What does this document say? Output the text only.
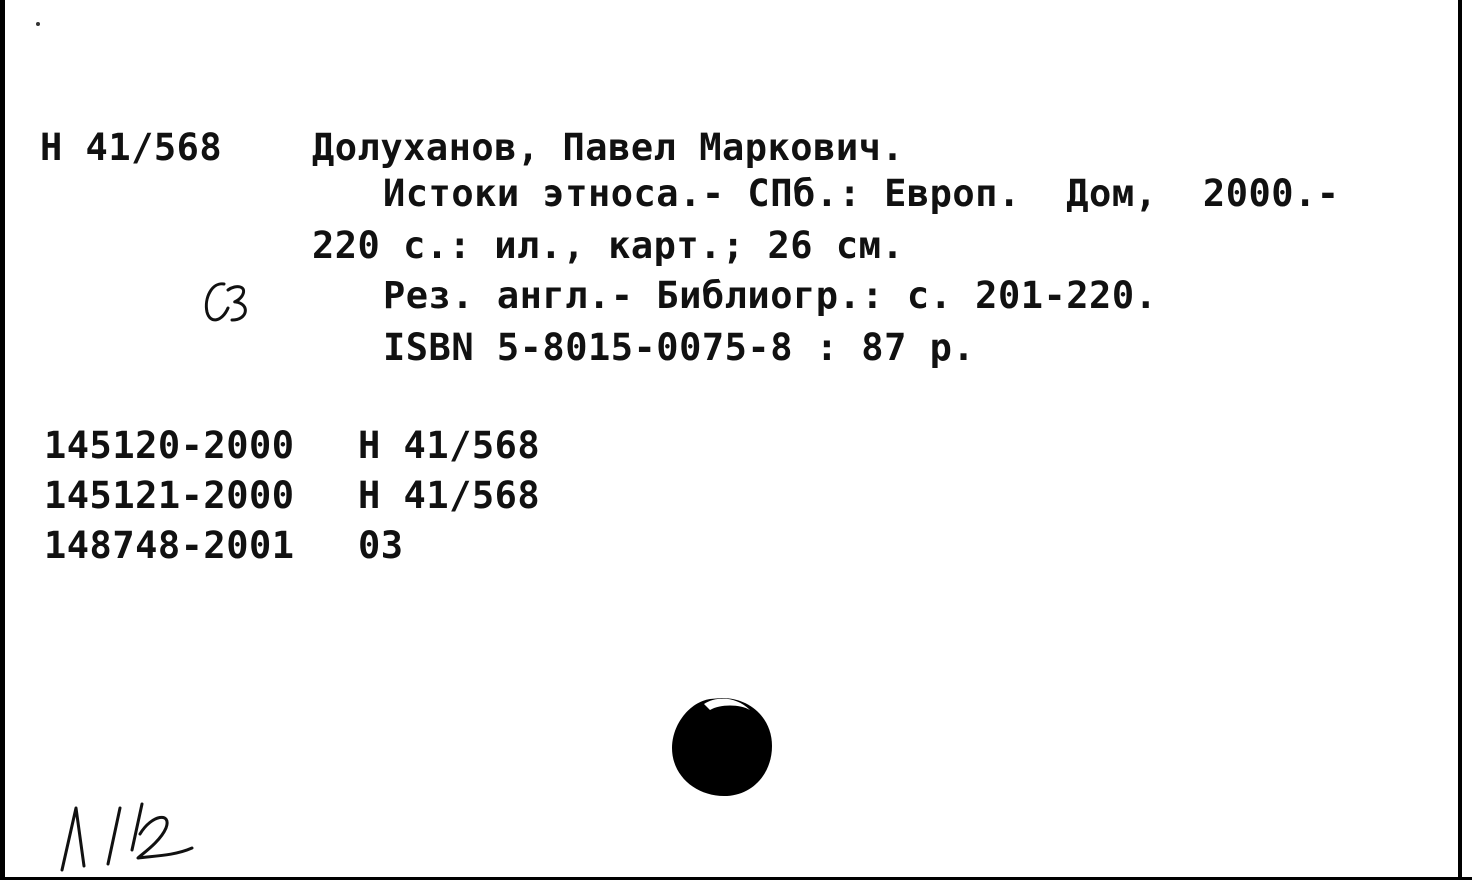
Н 41/568 Долуханов, Павел Маркович.
Истоки этноса.- СПб.: Европ.  Дом,  2000.-
220 с.: ил., карт.; 26 см.
Рез. англ.- Библиогр.: с. 201-220.
ISBN 5-8015-0075-8 : 87 р.
145120-2000 Н 41/568
145121-2000 Н 41/568
148748-2001 03
